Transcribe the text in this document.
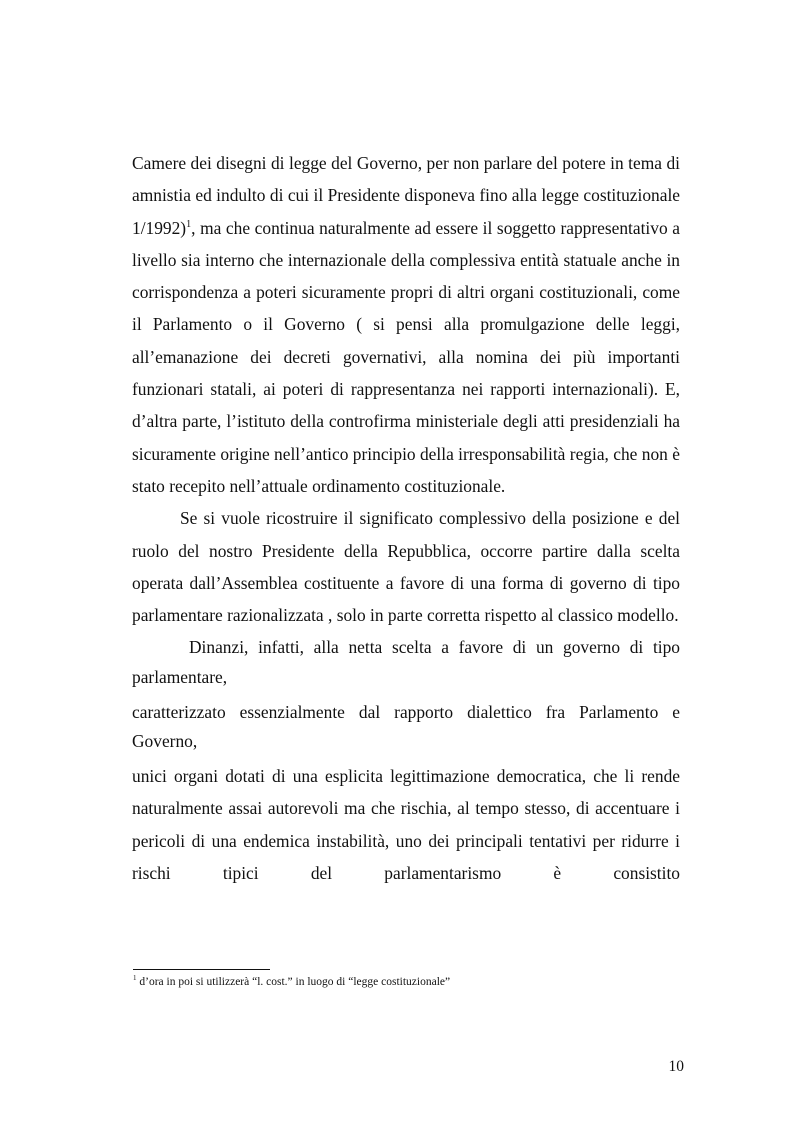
Camere dei disegni di legge del Governo, per non parlare del potere in tema di amnistia ed indulto di cui il Presidente disponeva fino alla legge costituzionale 1/1992)$^1$, ma che continua naturalmente ad essere il soggetto rappresentativo a livello sia interno che internazionale della complessiva entità statuale anche in corrispondenza a poteri sicuramente propri di altri organi costituzionali, come il Parlamento o il Governo ( si pensi alla promulgazione delle leggi, all’emanazione dei decreti governativi, alla nomina dei più importanti funzionari statali, ai poteri di rappresentanza nei rapporti internazionali). E, d’altra parte, l’istituto della controfirma ministeriale degli atti presidenziali ha sicuramente origine nell’antico principio della irresponsabilità regia, che non è stato recepito nell’attuale ordinamento costituzionale.

Se si vuole ricostruire il significato complessivo della posizione e del ruolo del nostro Presidente della Repubblica, occorre partire dalla scelta operata dall’Assemblea costituente a favore di una forma di governo di tipo parlamentare razionalizzata , solo in parte corretta rispetto al classico modello.

Dinanzi, infatti, alla netta scelta a favore di un governo di tipo
parlamentare,
caratterizzato essenzialmente dal rapporto dialettico fra Parlamento e
Governo,
unici organi dotati di una esplicita legittimazione democratica, che li rende naturalmente assai autorevoli ma che rischia, al tempo stesso, di accentuare i pericoli di una endemica instabilità, uno dei principali tentativi per ridurre i rischi tipici del parlamentarismo è consistito
$^1$ d’ora in poi si utilizzerà “l. cost.” in luogo di “legge costituzionale”
10
